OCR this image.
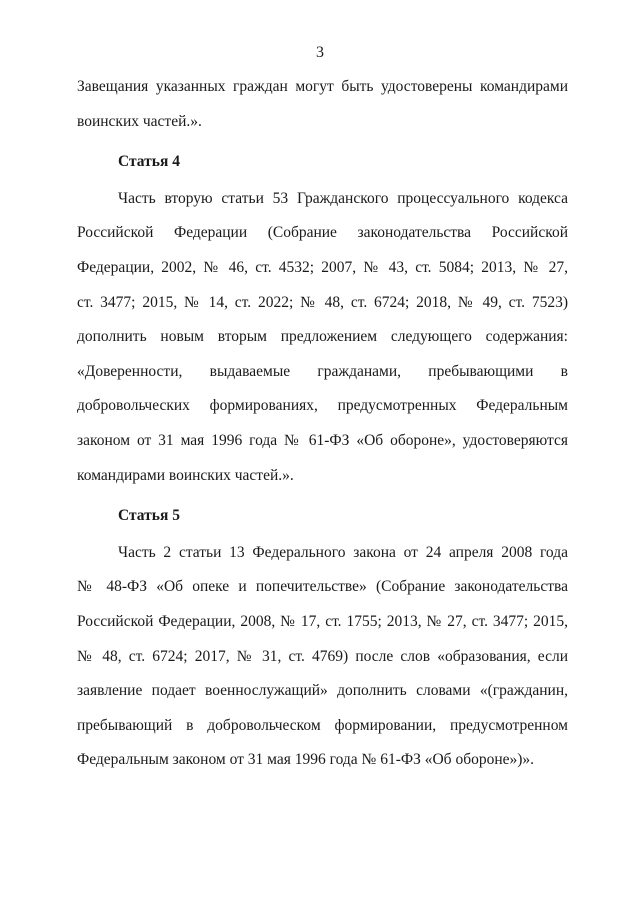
3
Завещания указанных граждан могут быть удостоверены командирами
воинских частей.».
Статья 4
Часть вторую статьи 53 Гражданского процессуального кодекса
Российской Федерации (Собрание законодательства Российской
Федерации, 2002, № 46, ст. 4532; 2007, № 43, ст. 5084; 2013, № 27,
ст. 3477; 2015, № 14, ст. 2022; № 48, ст. 6724; 2018, № 49, ст. 7523)
дополнить новым вторым предложением следующего содержания:
«Доверенности, выдаваемые гражданами, пребывающими в
добровольческих формированиях, предусмотренных Федеральным
законом от 31 мая 1996 года № 61-ФЗ «Об обороне», удостоверяются
командирами воинских частей.».
Статья 5
Часть 2 статьи 13 Федерального закона от 24 апреля 2008 года
№ 48-ФЗ «Об опеке и попечительстве» (Собрание законодательства
Российской Федерации, 2008, № 17, ст. 1755; 2013, № 27, ст. 3477; 2015,
№ 48, ст. 6724; 2017, № 31, ст. 4769) после слов «образования, если
заявление подает военнослужащий» дополнить словами «(гражданин,
пребывающий в добровольческом формировании, предусмотренном
Федеральным законом от 31 мая 1996 года № 61-ФЗ «Об обороне»)».
